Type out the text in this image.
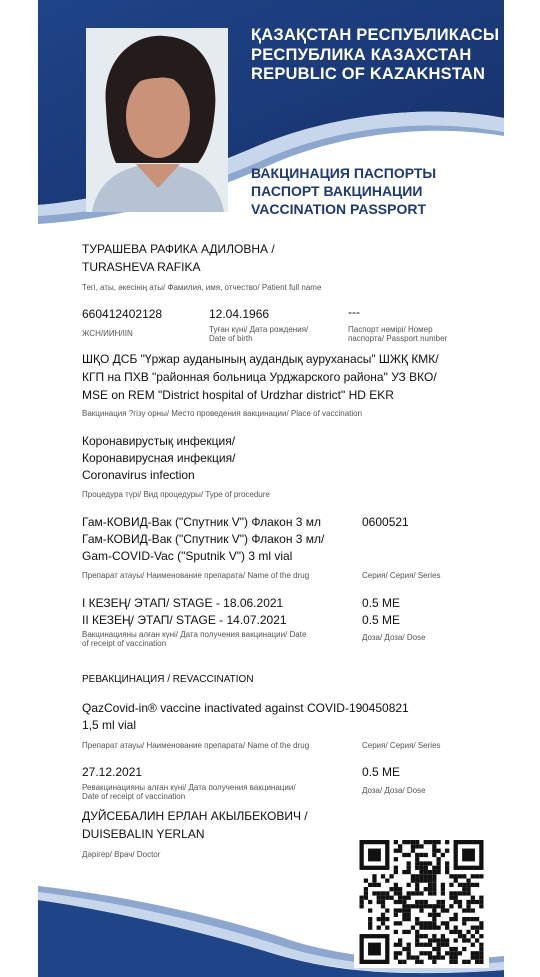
ҚАЗАҚСТАН РЕСПУБЛИКАСЫ
РЕСПУБЛИКА КАЗАХСТАН
REPUBLIC OF KAZAKHSTAN
ВАКЦИНАЦИЯ ПАСПОРТЫ
ПАСПОРТ ВАКЦИНАЦИИ
VACCINATION PASSPORT
ТУРАШЕВА РАФИКА АДИЛОВНА /
TURASHEVA RAFIKA
Тегі, аты, әкесінің аты/ Фамилия, имя, отчество/ Patient full name
660412402128
ЖСН/ИИН/IIN
12.04.1966
Туған күні/ Дата рождения/
Date of birth
---
Паспорт нөмірі/ Номер
паспорта/ Passport number
ШҚО ДСБ "Үржар ауданының аудандық ауруханасы" ШЖҚ КМК/
КГП на ПХВ "районная больница Урджарского района" УЗ ВКО/
MSE on REM "District hospital of Urdzhar district" HD EKR
Вакцинация ?гізу орны/ Место проведения вакцинации/ Place of vaccination
Коронавирустық инфекция/
Коронавирусная инфекция/
Coronavirus infection
Процедура түрі/ Вид процедуры/ Type of procedure
Гам-КОВИД-Вак ("Спутник V") Флакон 3 мл
Гам-КОВИД-Вак ("Спутник V") Флакон 3 мл/
Gam-COVID-Vac ("Sputnik V") 3 ml vial
Препарат атауы/ Наименование препарата/ Name of the drug
0600521
Серия/ Серия/ Series
I КЕЗЕҢ/ ЭТАП/ STAGE - 18.06.2021
II КЕЗЕҢ/ ЭТАП/ STAGE - 14.07.2021
Вакцинацияны алған күні/ Дата получения вакцинации/ Date
of receipt of vaccination
0.5 ME
0.5 ME
Доза/ Доза/ Dose
РЕВАКЦИНАЦИЯ / REVACCINATION
QazCovid-in® vaccine inactivated against COVID-19
1,5 ml vial
Препарат атауы/ Наименование препарата/ Name of the drug
0450821
Серия/ Серия/ Series
27.12.2021
Ревакцинацияны алған күні/ Дата получения вакцинации/
Date of receipt of vaccination
0.5 ME
Доза/ Доза/ Dose
ДУЙСЕБАЛИН ЕРЛАН АКЫЛБЕКОВИЧ /
DUISEBALIN YERLAN
Дәрігер/ Врач/ Doctor
